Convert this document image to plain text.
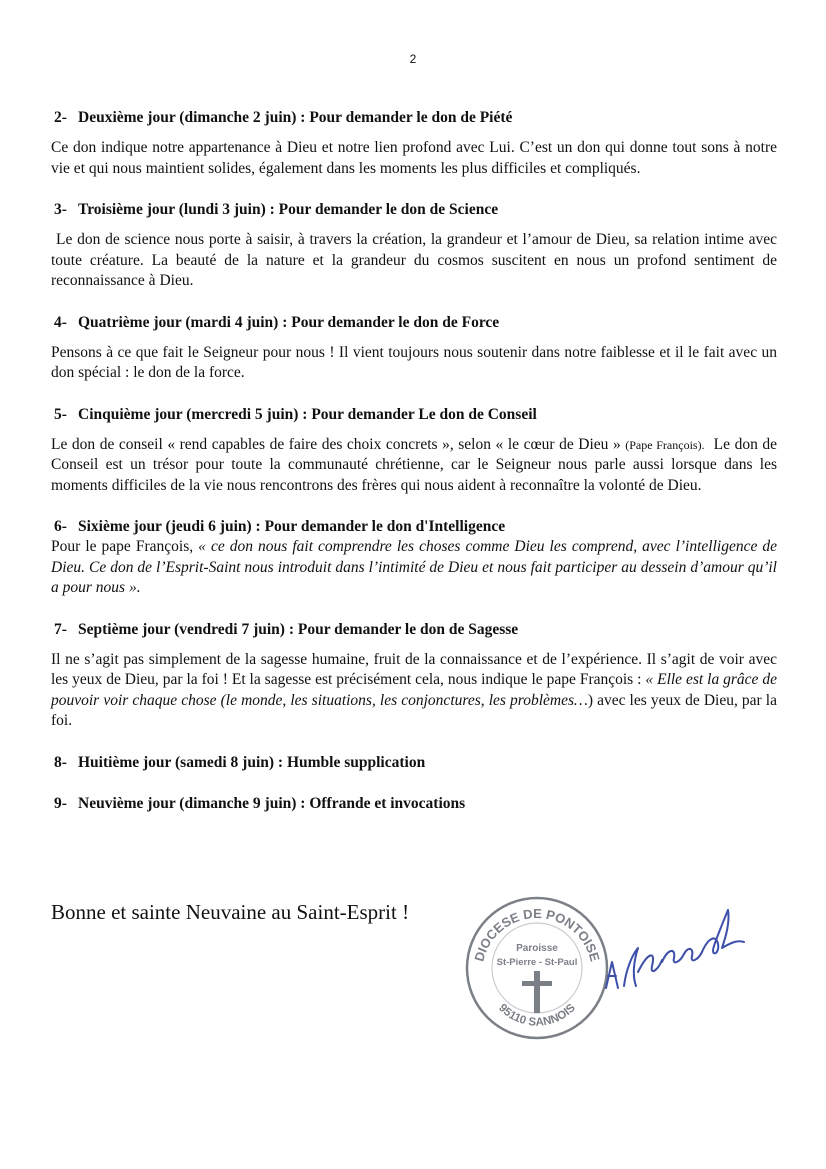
2
2- Deuxième jour (dimanche 2 juin) : Pour demander le don de Piété

Ce don indique notre appartenance à Dieu et notre lien profond avec Lui. C’est un don qui donne tout sons à notre vie et qui nous maintient solides, également dans les moments les plus difficiles et compliqués.

3- Troisième jour (lundi 3 juin) : Pour demander le don de Science

Le don de science nous porte à saisir, à travers la création, la grandeur et l’amour de Dieu, sa relation intime avec toute créature. La beauté de la nature et la grandeur du cosmos suscitent en nous un profond sentiment de reconnaissance à Dieu.

4- Quatrième jour (mardi 4 juin) : Pour demander le don de Force

Pensons à ce que fait le Seigneur pour nous ! Il vient toujours nous soutenir dans notre faiblesse et il le fait avec un don spécial : le don de la force.

5- Cinquième jour (mercredi 5 juin) : Pour demander Le don de Conseil

Le don de conseil « rend capables de faire des choix concrets », selon « le cœur de Dieu » (Pape François). Le don de Conseil est un trésor pour toute la communauté chrétienne, car le Seigneur nous parle aussi lorsque dans les moments difficiles de la vie nous rencontrons des frères qui nous aident à reconnaître la volonté de Dieu.

6- Sixième jour (jeudi 6 juin) : Pour demander le don d'Intelligence

Pour le pape François, « ce don nous fait comprendre les choses comme Dieu les comprend, avec l’intelligence de Dieu. Ce don de l’Esprit-Saint nous introduit dans l’intimité de Dieu et nous fait participer au dessein d’amour qu’il a pour nous ».

7- Septième jour (vendredi 7 juin) : Pour demander le don de Sagesse

Il ne s’agit pas simplement de la sagesse humaine, fruit de la connaissance et de l’expérience. Il s’agit de voir avec les yeux de Dieu, par la foi ! Et la sagesse est précisément cela, nous indique le pape François : « Elle est la grâce de pouvoir voir chaque chose (le monde, les situations, les conjonctures, les problèmes…) avec les yeux de Dieu, par la foi.

8- Huitième jour (samedi 8 juin) : Humble supplication
9- Neuvième jour (dimanche 9 juin) : Offrande et invocations
Bonne et sainte Neuvaine au Saint-Esprit !
DIOCESE DE PONTOISE
Paroisse
St-Pierre - St-Paul
95110 SANNOIS
